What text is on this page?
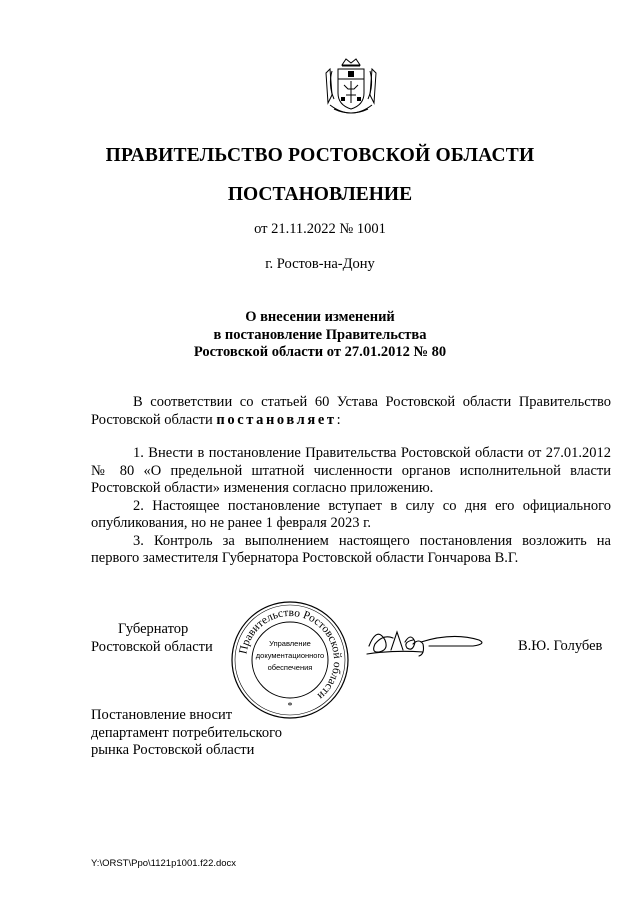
ПРАВИТЕЛЬСТВО РОСТОВСКОЙ ОБЛАСТИ
ПОСТАНОВЛЕНИЕ
от 21.11.2022 № 1001
г. Ростов-на-Дону
О внесении изменений
в постановление Правительства
Ростовской области от 27.01.2012 № 80

В соответствии со статьей 60 Устава Ростовской области Правительство Ростовской области постановляет:

1. Внести в постановление Правительства Ростовской области от 27.01.2012 № 80 «О предельной штатной численности органов исполнительной власти Ростовской области» изменения согласно приложению.

2. Настоящее постановление вступает в силу со дня его официального опубликования, но не ранее 1 февраля 2023 г.

3. Контроль за выполнением настоящего постановления возложить на первого заместителя Губернатора Ростовской области Гончарова В.Г.

Губернатор
Ростовской области	Правительство Ростовской области
Управление
документационного
обеспечения
*
В.Ю. Голубев
Постановление вносит
департамент потребительского
рынка Ростовской области
Y:\ORST\Ppo\1121p1001.f22.docx
